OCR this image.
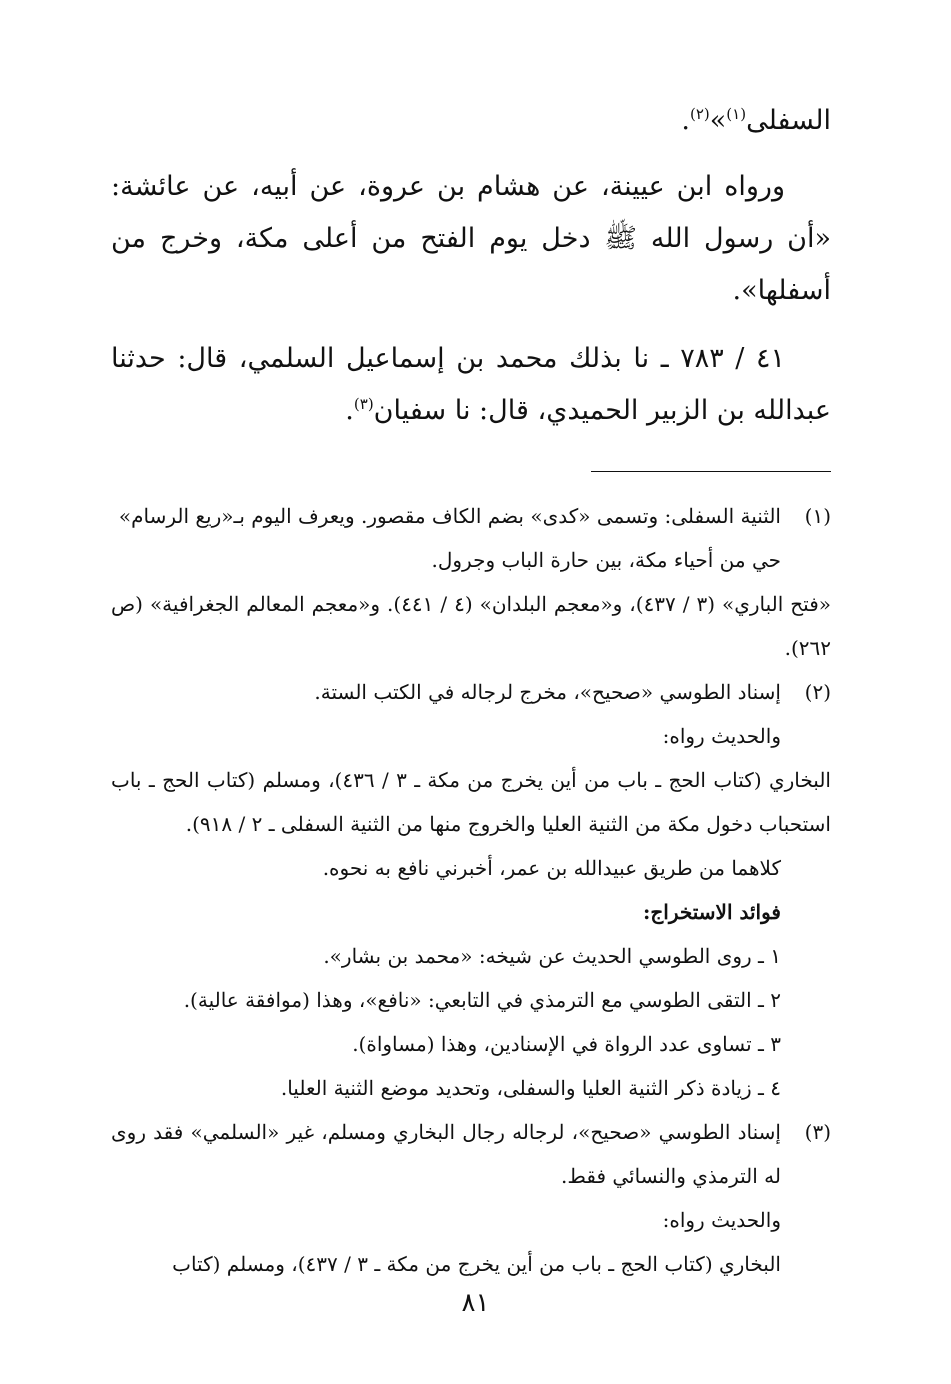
السفلى$^{(١)}$»$^{(٢)}$.

ورواه ابن عيينة، عن هشام بن عروة، عن أبيه، عن عائشة: «أن رسول الله ﷺ دخل يوم الفتح من أعلى مكة، وخرج من أسفلها».

٤١ / ٧٨٣ ـ نا بذلك محمد بن إسماعيل السلمي، قال: حدثنا عبدالله بن الزبير الحميدي، قال: نا سفيان$^{(٣)}$.

(١)

الثنية السفلى: وتسمى «كدى» بضم الكاف مقصور. ويعرف اليوم بـ«ريع الرسام»

حي من أحياء مكة، بين حارة الباب وجرول.

«فتح الباري» (٣ / ٤٣٧)، و«معجم البلدان» (٤ / ٤٤١). و«معجم المعالم الجغرافية» (ص ٢٦٢).

(٢)

إسناد الطوسي «صحيح»، مخرج لرجاله في الكتب الستة.

والحديث رواه:

البخاري (كتاب الحج ـ باب من أين يخرج من مكة ـ ٣ / ٤٣٦)، ومسلم (كتاب الحج ـ باب استحباب دخول مكة من الثنية العليا والخروج منها من الثنية السفلى ـ ٢ / ٩١٨).

كلاهما من طريق عبيدالله بن عمر، أخبرني نافع به نحوه.

فوائد الاستخراج:

١ ـ روى الطوسي الحديث عن شيخه: «محمد بن بشار».

٢ ـ التقى الطوسي مع الترمذي في التابعي: «نافع»، وهذا (موافقة عالية).

٣ ـ تساوى عدد الرواة في الإسنادين، وهذا (مساواة).

٤ ـ زيادة ذكر الثنية العليا والسفلى، وتحديد موضع الثنية العليا.

(٣)

إسناد الطوسي «صحيح»، لرجاله رجال البخاري ومسلم، غير «السلمي» فقد روى له الترمذي والنسائي فقط.

والحديث رواه:

البخاري (كتاب الحج ـ باب من أين يخرج من مكة ـ ٣ / ٤٣٧)، ومسلم (كتاب

٨١
